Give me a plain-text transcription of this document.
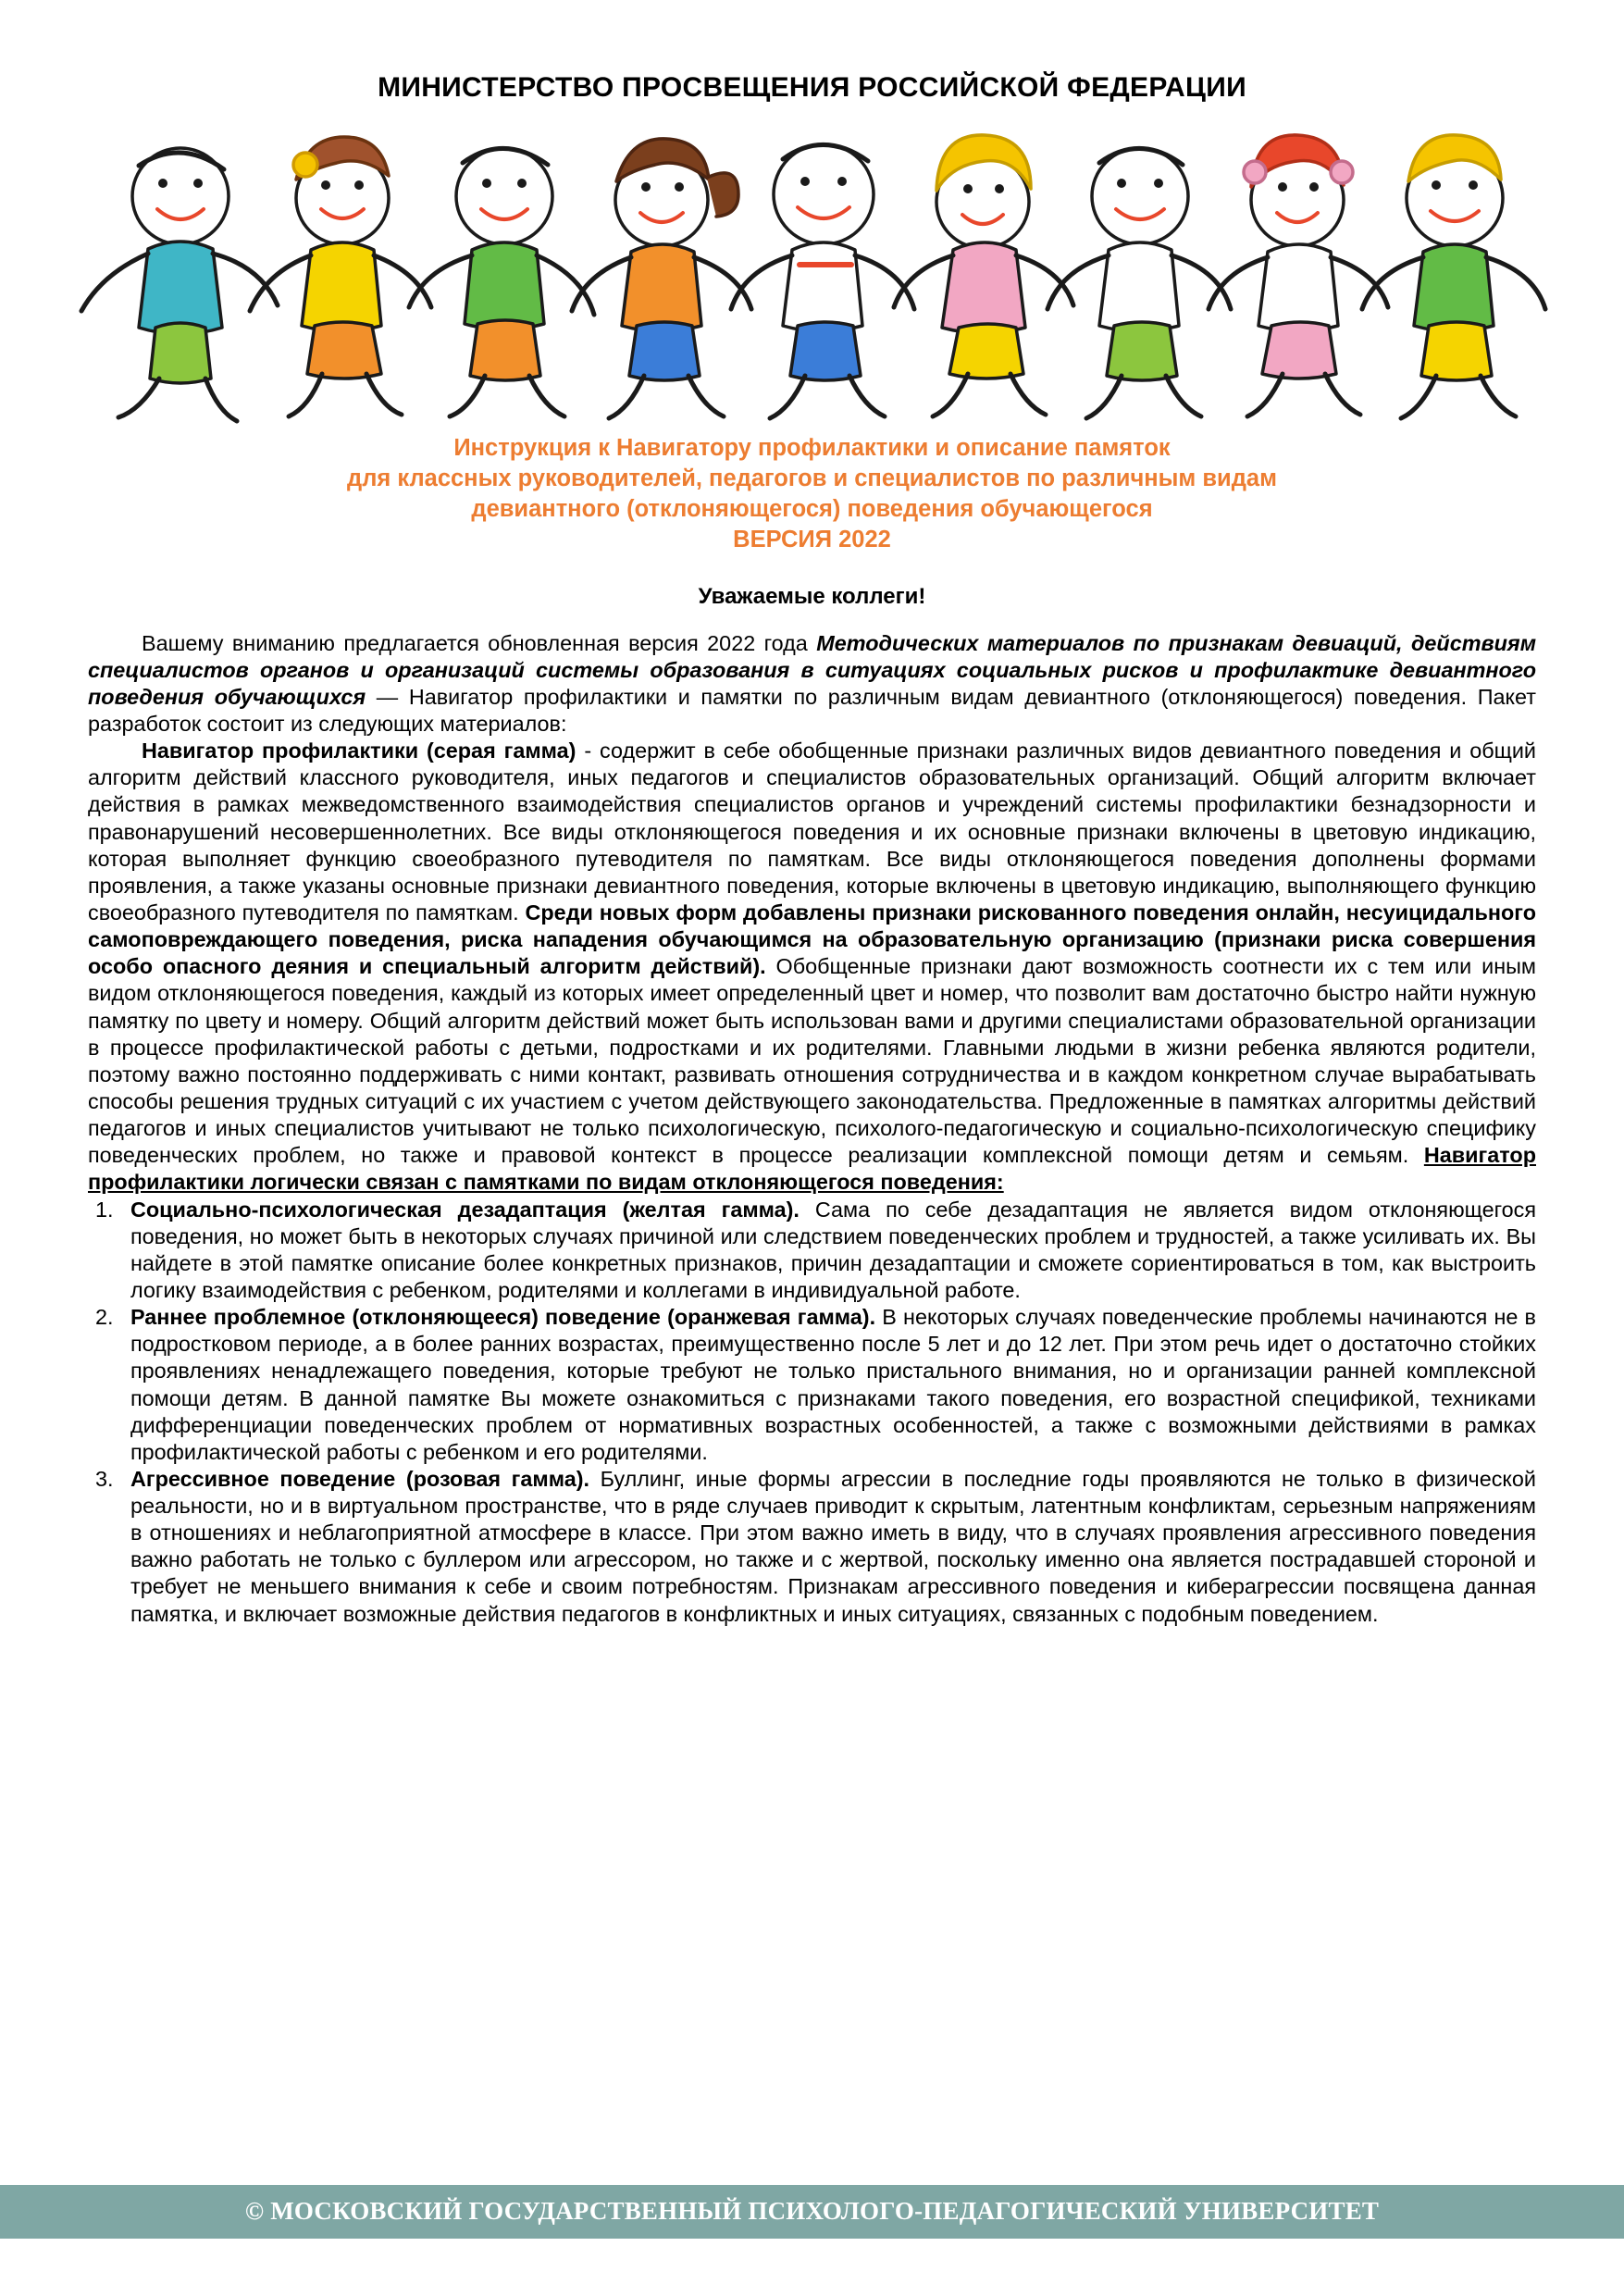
МИНИСТЕРСТВО ПРОСВЕЩЕНИЯ РОССИЙСКОЙ ФЕДЕРАЦИИ
Инструкция к Навигатору профилактики и описание памяток
для классных руководителей, педагогов и специалистов по различным видам
девиантного (отклоняющегося) поведения обучающегося
ВЕРСИЯ 2022
Уважаемые коллеги!

Вашему вниманию предлагается обновленная версия 2022 года Методических материалов по признакам девиаций, действиям специалистов органов и организаций системы образования в ситуациях социальных рисков и профилактике девиантного поведения обучающихся — Навигатор профилактики и памятки по различным видам девиантного (отклоняющегося) поведения. Пакет разработок состоит из следующих материалов:

Навигатор профилактики (серая гамма) - содержит в себе обобщенные признаки различных видов девиантного поведения и общий алгоритм действий классного руководителя, иных педагогов и специалистов образовательных организаций. Общий алгоритм включает действия в рамках межведомственного взаимодействия специалистов органов и учреждений системы профилактики безнадзорности и правонарушений несовершеннолетних. Все виды отклоняющегося поведения и их основные признаки включены в цветовую индикацию, которая выполняет функцию своеобразного путеводителя по памяткам. Все виды отклоняющегося поведения дополнены формами проявления, а также указаны основные признаки девиантного поведения, которые включены в цветовую индикацию, выполняющего функцию своеобразного путеводителя по памяткам. Среди новых форм добавлены признаки рискованного поведения онлайн, несуицидального самоповреждающего поведения, риска нападения обучающимся на образовательную организацию (признаки риска совершения особо опасного деяния и специальный алгоритм действий). Обобщенные признаки дают возможность соотнести их с тем или иным видом отклоняющегося поведения, каждый из которых имеет определенный цвет и номер, что позволит вам достаточно быстро найти нужную памятку по цвету и номеру. Общий алгоритм действий может быть использован вами и другими специалистами образовательной организации в процессе профилактической работы с детьми, подростками и их родителями. Главными людьми в жизни ребенка являются родители, поэтому важно постоянно поддерживать с ними контакт, развивать отношения сотрудничества и в каждом конкретном случае вырабатывать способы решения трудных ситуаций с их участием с учетом действующего законодательства. Предложенные в памятках алгоритмы действий педагогов и иных специалистов учитывают не только психологическую, психолого-педагогическую и социально-психологическую специфику поведенческих проблем, но также и правовой контекст в процессе реализации комплексной помощи детям и семьям. Навигатор профилактики логически связан с памятками по видам отклоняющегося поведения:

Социально-психологическая дезадаптация (желтая гамма). Сама по себе дезадаптация не является видом отклоняющегося поведения, но может быть в некоторых случаях причиной или следствием поведенческих проблем и трудностей, а также усиливать их. Вы найдете в этой памятке описание более конкретных признаков, причин дезадаптации и сможете сориентироваться в том, как выстроить логику взаимодействия с ребенком, родителями и коллегами в индивидуальной работе.
Раннее проблемное (отклоняющееся) поведение (оранжевая гамма). В некоторых случаях поведенческие проблемы начинаются не в подростковом периоде, а в более ранних возрастах, преимущественно после 5 лет и до 12 лет. При этом речь идет о достаточно стойких проявлениях ненадлежащего поведения, которые требуют не только пристального внимания, но и организации ранней комплексной помощи детям. В данной памятке Вы можете ознакомиться с признаками такого поведения, его возрастной спецификой, техниками дифференциации поведенческих проблем от нормативных возрастных особенностей, а также с возможными действиями в рамках профилактической работы с ребенком и его родителями.
Агрессивное поведение (розовая гамма). Буллинг, иные формы агрессии в последние годы проявляются не только в физической реальности, но и в виртуальном пространстве, что в ряде случаев приводит к скрытым, латентным конфликтам, серьезным напряжениям в отношениях и неблагоприятной атмосфере в классе. При этом важно иметь в виду, что в случаях проявления агрессивного поведения важно работать не только с буллером или агрессором, но также и с жертвой, поскольку именно она является пострадавшей стороной и требует не меньшего внимания к себе и своим потребностям. Признакам агрессивного поведения и киберагрессии посвящена данная памятка, и включает возможные действия педагогов в конфликтных и иных ситуациях, связанных с подобным поведением.
© МОСКОВСКИЙ ГОСУДАРСТВЕННЫЙ ПСИХОЛОГО-ПЕДАГОГИЧЕСКИЙ УНИВЕРСИТЕТ
